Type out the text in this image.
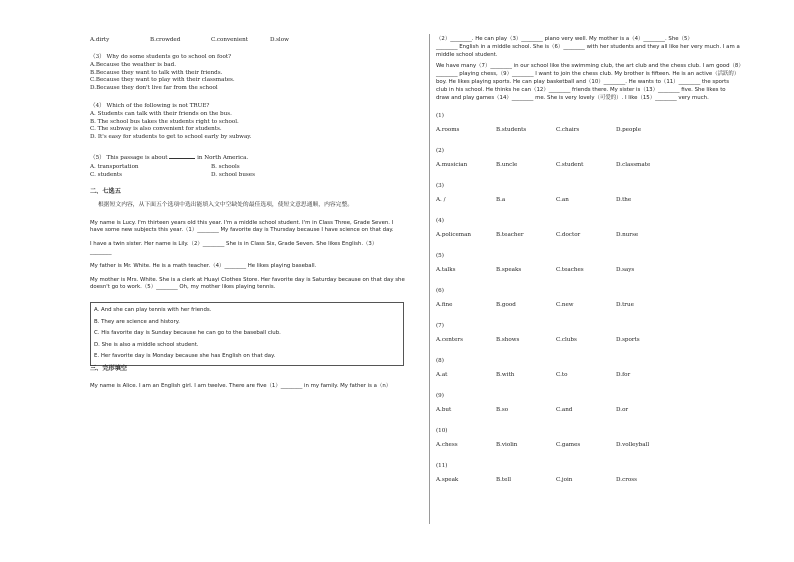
A.dirty	B.crowded	C.convenient	D.slow
（3） Why do some students go to school on foot?
A.Because the weather is bad.
B.Because they want to talk with their friends.
C.Because they want to play with their classmates.
D.Because they don't live far from the school
（4） Which of the following is not TRUE?
A. Students can talk with their friends on the bus.
B. The school bus takes the students right to school.
C. The subway is also convenient for students.
D. It's easy for students to get to school early by subway.
（5） This passage is about	in North America.
A. transportation	B. schools
C. students	D. school buses
二、七选五
根据短文内容，从下面五个选项中选出能填入文中空缺处的最佳选项，使短文意思通顺，内容完整。
My name is Lucy. I'm thirteen years old this year. I'm a middle school student. I'm in Class Three, Grade Seven. I
have some new subjects this year.（1）________ My favorite day is Thursday because I have science on that day.
I have a twin sister. Her name is Lily.（2）________ She is in Class Six, Grade Seven. She likes English.（3）
________
My father is Mr. White. He is a math teacher.（4）________ He likes playing baseball.
My mother is Mrs. White. She is a clerk at Huayi Clothes Store. Her favorite day is Saturday because on that day she
doesn't go to work.（5）________ Oh, my mother likes playing tennis.
A. And she can play tennis with her friends.
B. They are science and history.
C. His favorite day is Sunday because he can go to the baseball club.
D. She is also a middle school student.
E. Her favorite day is Monday because she has English on that day.
三、完形填空
My name is Alice. I am an English girl. I am twelve. There are five（1）________ in my family. My father is a（n）
（2）________. He can play（3）________ piano very well. My mother is a（4）________. She（5）
________ English in a middle school. She is（6）________ with her students and they all like her very much. I am a
middle school student.
We have many（7）________ in our school like the swimming club, the art club and the chess club. I am good（8）
________ playing chess,（9）________ I want to join the chess club. My brother is fifteen. He is an active（活跃的）
boy. He likes playing sports. He can play basketball and（10）________. He wants to（11）________ the sports
club in his school. He thinks he can（12）________ friends there. My sister is（13）________ five. She likes to
draw and play games（14）________ me. She is very lovely（可爱的）. I like（15）________ very much.
(1)
A.rooms	B.students	C.chairs	D.people
(2)
A.musician	B.uncle	C.student	D.classmate
(3)
A. /	B.a	C.an	D.the
(4)
A.policeman	B.teacher	C.doctor	D.nurse
(5)
A.talks	B.speaks	C.teaches	D.says
(6)
A.fine	B.good	C.new	D.true
(7)
A.centers	B.shows	C.clubs	D.sports
(8)
A.at	B.with	C.to	D.for
(9)
A.but	B.so	C.and	D.or
(10)
A.chess	B.violin	C.games	D.volleyball
(11)
A.speak	B.tell	C.join	D.cross
